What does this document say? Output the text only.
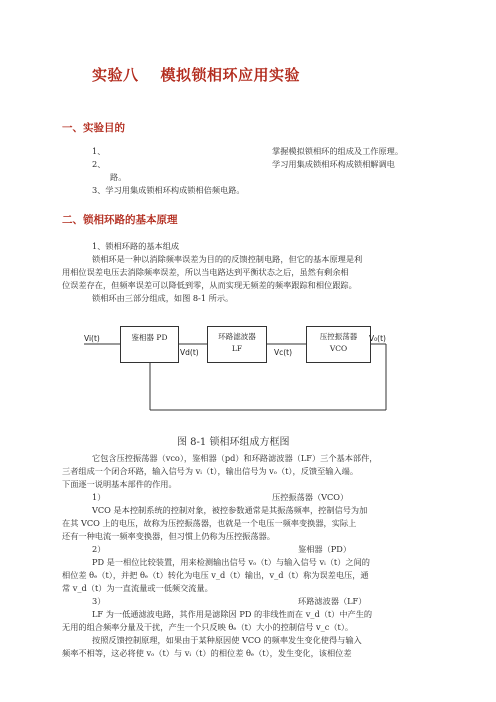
实验八 模拟锁相环应用实验
一、实验目的
1、	掌握模拟锁相环的组成及工作原理。
2、	学习用集成锁相环构成锁相解调电
路。
3、学习用集成锁相环构成锁相倍频电路。
二、锁相环路的基本原理
1、锁相环路的基本组成
锁相环是一种以消除频率误差为目的的反馈控制电路，但它的基本原理是利
用相位误差电压去消除频率误差，所以当电路达到平衡状态之后，虽然有剩余相
位误差存在，但频率误差可以降低到零，从而实现无频差的频率跟踪和相位跟踪。
锁相环由三部分组成，如图 8-1 所示。
鉴相器 PD	环路滤波器
LF
压控振荡器
VCO
Vi(t)
Vd(t)	Vc(t)
V₀(t)
图 8-1 锁相环组成方框图
它包含压控振荡器（vco），鉴相器（pd）和环路滤波器（LF）三个基本部件，
三者组成一个闭合环路，输入信号为 vᵢ（t），输出信号为 vₒ（t），反馈至输入端。
下面逐一说明基本部件的作用。
1）	压控振荡器（VCO）
VCO 是本控制系统的控制对象，被控参数通常是其振荡频率，控制信号为加
在其 VCO 上的电压，故称为压控振荡器，也就是一个电压一频率变换器，实际上
还有一种电流一频率变换器，但习惯上仍称为压控振荡器。
2）	鉴相器（PD）
PD 是一相位比较装置，用来检测输出信号 vₒ（t）与输入信号 vᵢ（t）之间的
相位差 θₑ（t），并把 θₑ（t）转化为电压 v_d（t）输出，v_d（t）称为误差电压，通
常 v_d（t）为一直流量或一低频交流量。
3）	环路滤波器（LF）
LF 为一低通滤波电路，其作用是滤除因 PD 的非线性而在 v_d（t）中产生的
无用的组合频率分量及干扰，产生一个只反映 θₑ（t）大小的控制信号 v_c（t）。
按照反馈控制原理，如果由于某种原因使 VCO 的频率发生变化使得与输入
频率不相等，这必将使 vₒ（t）与 vᵢ（t）的相位差 θₑ（t），发生变化，该相位差
